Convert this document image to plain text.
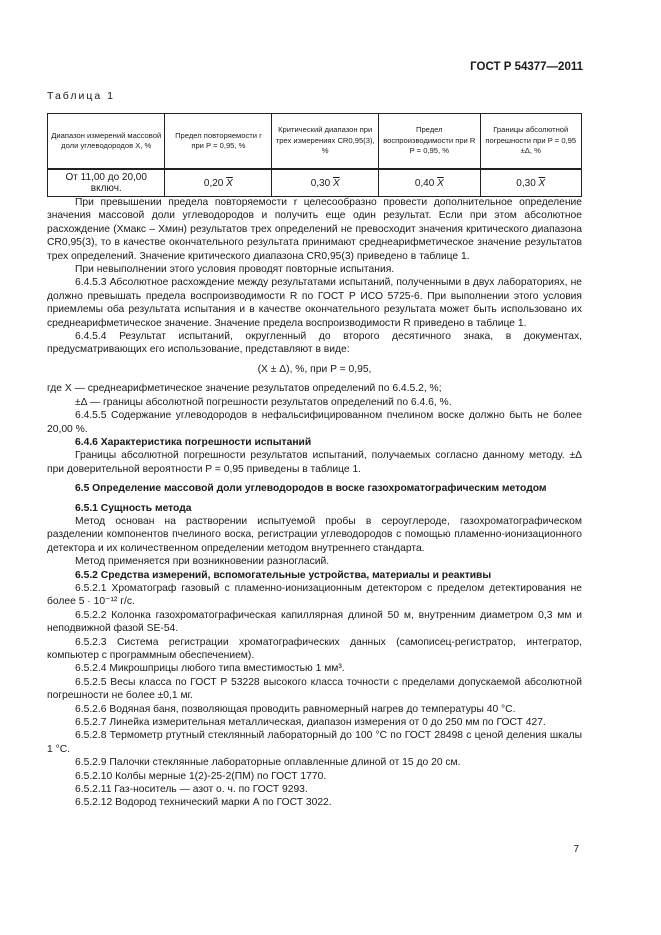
ГОСТ Р 54377—2011
Таблица 1
Диапазон измерений массовой доли углеводородов X, %	Предел повторяемости r при P = 0,95, %	Критический диапазон при трех измерениях CR0,95(3), %	Предел воспроизводимости при R P = 0,95, %	Границы абсолютной погрешности при P = 0,95 ±Δ, %
От 11,00 до 20,00 включ.	0,20 $\overline{X}$	0,30 $\overline{X}$	0,40 $\overline{X}$	0,30 $\overline{X}$

При превышении предела повторяемости r целесообразно провести дополнительное определение значения массовой доли углеводородов и получить еще один результат. Если при этом абсолютное расхождение (Xмакс – Xмин) результатов трех определений не превосходит значения критического диапазона CR0,95(3), то в качестве окончательного результата принимают среднеарифметическое значение результатов трех определений. Значение критического диапазона CR0,95(3) приведено в таблице 1.

При невыполнении этого условия проводят повторные испытания.

6.4.5.3 Абсолютное расхождение между результатами испытаний, полученными в двух лабораториях, не должно превышать предела воспроизводимости R по ГОСТ Р ИСО 5725-6. При выполнении этого условия приемлемы оба результата испытания и в качестве окончательного результата может быть использовано их среднеарифметическое значение. Значение предела воспроизводимости R приведено в таблице 1.

6.4.5.4 Результат испытаний, округленный до второго десятичного знака, в документах, предусматривающих его использование, представляют в виде:

(X ± Δ), %, при P = 0,95,

где X — среднеарифметическое значение результатов определений по 6.4.5.2, %;

±Δ — границы абсолютной погрешности результатов определений по 6.4.6, %.

6.4.5.5 Содержание углеводородов в нефальсифицированном пчелином воске должно быть не более 20,00 %.

6.4.6 Характеристика погрешности испытаний

Границы абсолютной погрешности результатов испытаний, получаемых согласно данному методу. ±Δ при доверительной вероятности P = 0,95 приведены в таблице 1.

6.5 Определение массовой доли углеводородов в воске газохроматографическим методом

6.5.1 Сущность метода

Метод основан на растворении испытуемой пробы в сероуглероде, газохроматографическом разделении компонентов пчелиного воска, регистрации углеводородов с помощью пламенно-ионизационного детектора и их количественном определении методом внутреннего стандарта.

Метод применяется при возникновении разногласий.

6.5.2 Средства измерений, вспомогательные устройства, материалы и реактивы

6.5.2.1 Хроматограф газовый с пламенно-ионизационным детектором с пределом детектирования не более 5 · 10⁻¹² г/с.

6.5.2.2 Колонка газохроматографическая капиллярная длиной 50 м, внутренним диаметром 0,3 мм и неподвижной фазой SE-54.

6.5.2.3 Система регистрации хроматографических данных (самописец-регистратор, интегратор, компьютер с программным обеспечением).

6.5.2.4 Микрошприцы любого типа вместимостью 1 мм³.

6.5.2.5 Весы класса по ГОСТ Р 53228 высокого класса точности с пределами допускаемой абсолютной погрешности не более ±0,1 мг.

6.5.2.6 Водяная баня, позволяющая проводить равномерный нагрев до температуры 40 °С.

6.5.2.7 Линейка измерительная металлическая, диапазон измерения от 0 до 250 мм по ГОСТ 427.

6.5.2.8 Термометр ртутный стеклянный лабораторный до 100 °С по ГОСТ 28498 с ценой деления шкалы 1 °С.

6.5.2.9 Палочки стеклянные лабораторные оплавленные длиной от 15 до 20 см.

6.5.2.10 Колбы мерные 1(2)-25-2(ПМ) по ГОСТ 1770.

6.5.2.11 Газ-носитель — азот о. ч. по ГОСТ 9293.

6.5.2.12 Водород технический марки А по ГОСТ 3022.

7
